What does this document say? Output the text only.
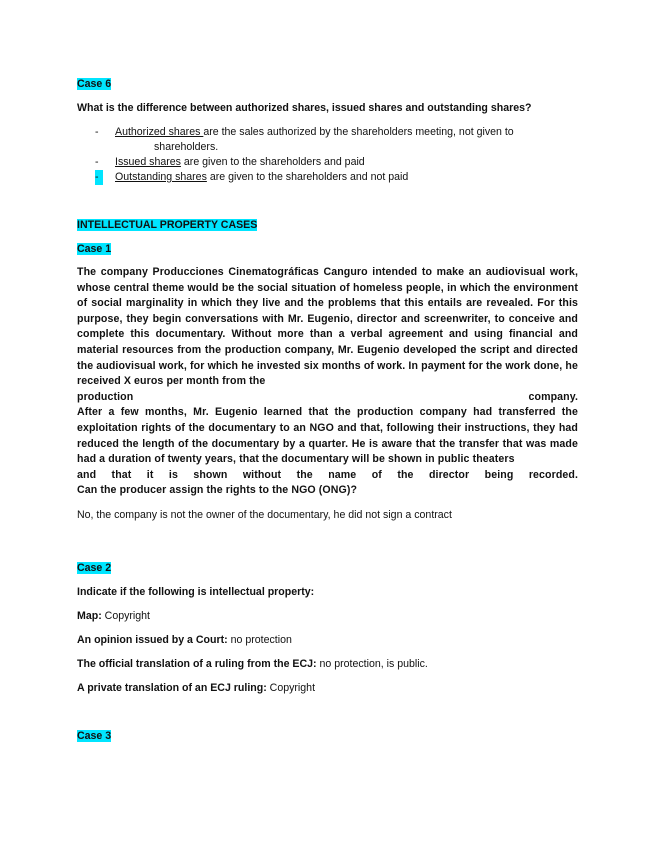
Case 6

What is the difference between authorized shares, issued shares and outstanding shares?

- Authorized shares are the sales authorized by the shareholders meeting, not given to
shareholders.
- Issued shares are given to the shareholders and paid
-	Outstanding shares are given to the shareholders and not paid

INTELLECTUAL PROPERTY CASES

Case 1

The company Producciones Cinematográficas Canguro intended to make an audiovisual work, whose central theme would be the social situation of homeless people, in which the environment of social marginality in which they live and the problems that this entails are revealed. For this purpose, they begin conversations with Mr. Eugenio, director and screenwriter, to conceive and complete this documentary. Without more than a verbal agreement and using financial and material resources from the production company, Mr. Eugenio developed the script and directed the audiovisual work, for which he invested six months of work. In payment for the work done, he received X euros per month from the
production company.
After a few months, Mr. Eugenio learned that the production company had transferred the exploitation rights of the documentary to an NGO and that, following their instructions, they had reduced the length of the documentary by a quarter. He is aware that the transfer that was made had a duration of twenty years, that the documentary will be shown in public theaters
and that it is shown without the name of the director being recorded.
Can the producer assign the rights to the NGO (ONG)?

No, the company is not the owner of the documentary, he did not sign a contract

Case 2

Indicate if the following is intellectual property:

Map: Copyright

An opinion issued by a Court: no protection

The official translation of a ruling from the ECJ: no protection, is public.

A private translation of an ECJ ruling: Copyright

Case 3
